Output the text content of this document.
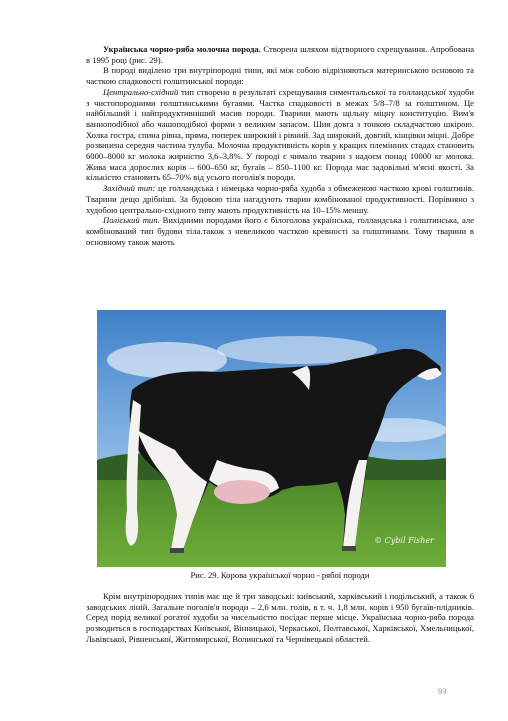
Українська чорно-ряба молочна порода. Створена шляхом відтворного схрещування. Апробована в 1995 році (рис. 29).

В породі виділено три внутріпородні типи, які між собою відрізняються материнською основою та часткою спадковості голштинської породи:

Центрально-східний тип створено в результаті схрещування симентальської та голландської худоби з чистопородними голштинськими бугаями. Частка спадковості в межах 5/8–7/8 за голштином. Це найбільший і найпродуктивніший масив породи. Тварини мають щільну міцну конституцію. Вим'я ваннопodібної або чашоподібної форми з великим запасом. Шия довга з тонкою складчастою шкірою. Холка гостра, спина рівна, пряма, поперек широкий і рівний. Зад широкий, довгий, кінцівки міцні. Добре розвинена середня частина тулуба. Молочна продуктивність корів у кращих племінних стадах становить 6000–8000 кг молока жирністю 3,6–3,8%. У породі є чимало тварин з надоєм понад 10000 кг молока. Жива маса дорослих корів – 600–650 кг, бугаїв – 850–1100 кг. Порода має задовільні м'ясні якості. За кількістю становить 65–70% від усього поголів'я породи.

Західний тип: це голландська і німецька чорно-ряба худоба з обмеженою часткою крові голштинів. Тварини дещо дрібніші. За будовою тіла нагадують тварин комбінованої продуктивності. Порівняно з худобою центрально-східного типу мають продуктивність на 10–15% меншу.

Поліський тип. Вихідними породами його є білоголова українська, голландська і голштинська, але комбінований тип будови тіла.також з невеликою часткою кревності за голштинами. Тому тварини в основному також мають

© Cybil Fisher
Рис. 29. Корова української чорно - рябої породи

Крім внутріпородних типів має ще й три заводські: київський, харківський і подільський, а також 6 заводських ліній. Загальне поголів'я породи – 2,6 млн. голів, в т. ч. 1,8 млн. корів і 950 бугаїв-плідників. Серед порід великої рогатої худоби за чисельністю посідає перше місце. Українська чорно-ряба порода розводиться в господарствах Київської, Вінницької, Черкаської, Полтавської, Харківської, Хмельницької, Львівської, Рівненської, Житомирської, Волинської та Чернівецької областей.

93
